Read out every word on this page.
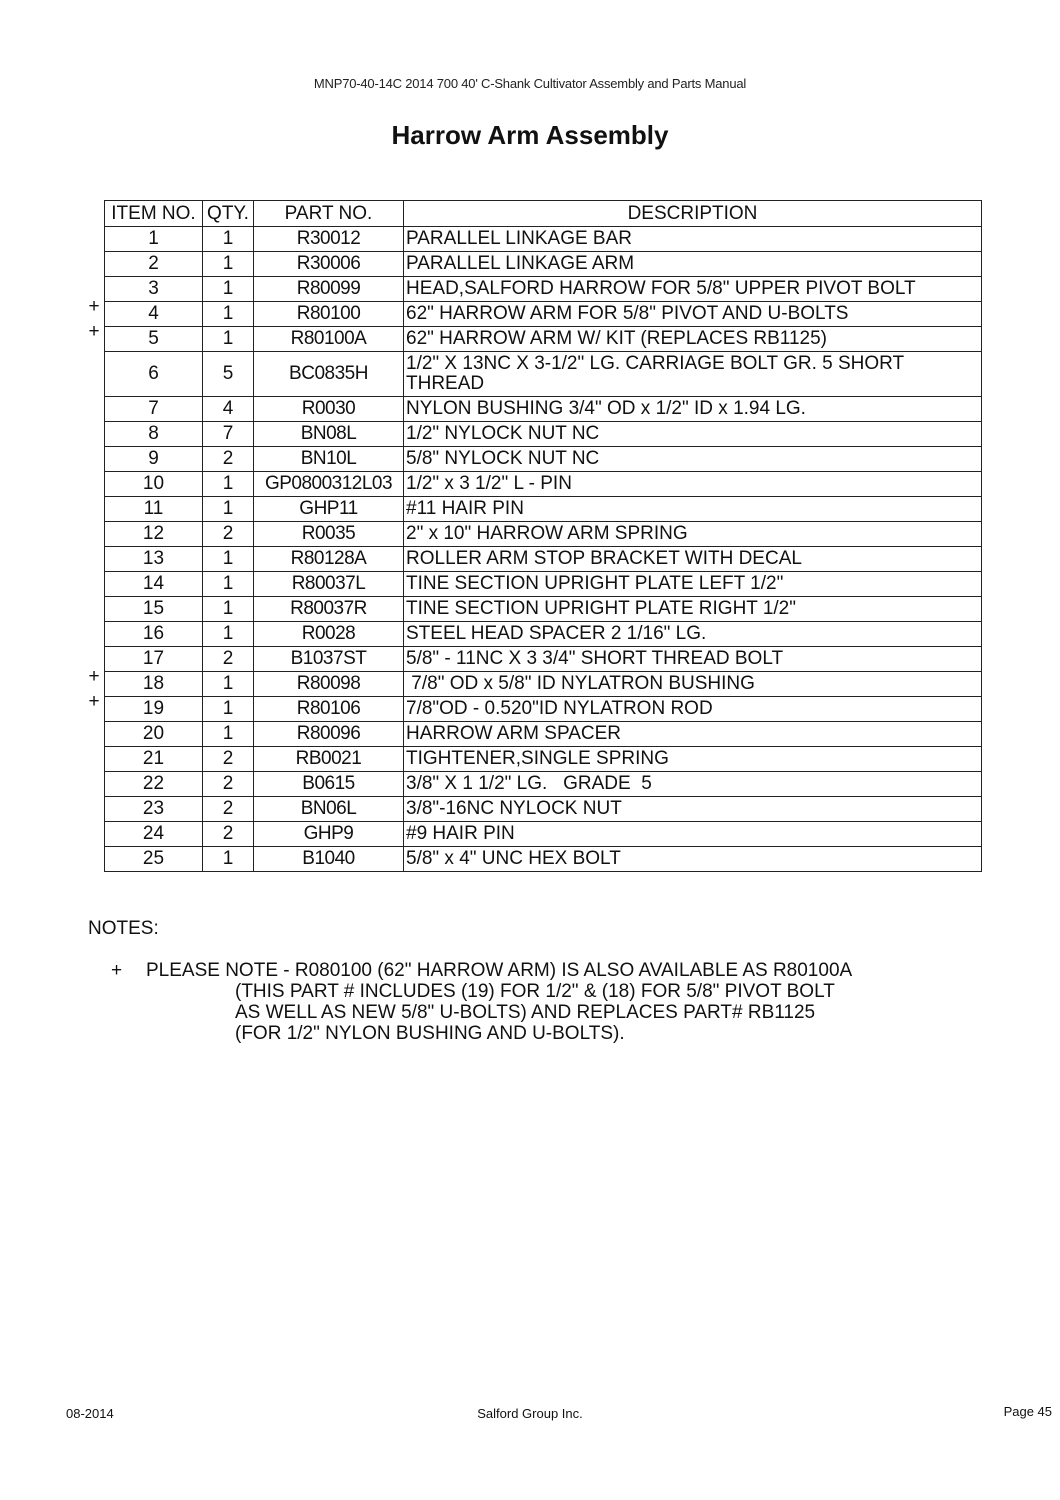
MNP70-40-14C 2014 700 40' C-Shank Cultivator Assembly and Parts Manual
Harrow Arm Assembly
+
+
+
+
ITEM NO.	QTY.	PART NO.	DESCRIPTION
1	1	R30012	PARALLEL LINKAGE BAR
2	1	R30006	PARALLEL LINKAGE ARM
3	1	R80099	HEAD,SALFORD HARROW FOR 5/8" UPPER PIVOT BOLT
4	1	R80100	62" HARROW ARM FOR 5/8" PIVOT AND U-BOLTS
5	1	R80100A	62" HARROW ARM W/ KIT (REPLACES RB1125)
6	5	BC0835H	1/2" X 13NC X 3-1/2" LG. CARRIAGE BOLT GR. 5 SHORT THREAD
7	4	R0030	NYLON BUSHING 3/4" OD x 1/2" ID x 1.94 LG.
8	7	BN08L	1/2" NYLOCK NUT NC
9	2	BN10L	5/8" NYLOCK NUT NC
10	1	GP0800312L03	1/2" x 3 1/2" L - PIN
11	1	GHP11	#11 HAIR PIN
12	2	R0035	2" x 10" HARROW ARM SPRING
13	1	R80128A	ROLLER ARM STOP BRACKET WITH DECAL
14	1	R80037L	TINE SECTION UPRIGHT PLATE LEFT 1/2"
15	1	R80037R	TINE SECTION UPRIGHT PLATE RIGHT 1/2"
16	1	R0028	STEEL HEAD SPACER 2 1/16" LG.
17	2	B1037ST	5/8" - 11NC X 3 3/4" SHORT THREAD BOLT
18	1	R80098	7/8" OD x 5/8" ID NYLATRON BUSHING
19	1	R80106	7/8"OD - 0.520"ID NYLATRON ROD
20	1	R80096	HARROW ARM SPACER
21	2	RB0021	TIGHTENER,SINGLE SPRING
22	2	B0615	3/8" X 1 1/2" LG.   GRADE  5
23	2	BN06L	3/8"-16NC NYLOCK NUT
24	2	GHP9	#9 HAIR PIN
25	1	B1040	5/8" x 4" UNC HEX BOLT
NOTES:
+ PLEASE NOTE - R080100 (62" HARROW ARM) IS ALSO AVAILABLE AS R80100A
(THIS PART # INCLUDES (19) FOR 1/2" & (18) FOR 5/8" PIVOT BOLT
AS WELL AS NEW 5/8" U-BOLTS) AND REPLACES PART# RB1125
(FOR 1/2" NYLON BUSHING AND U-BOLTS).
08-2014	Salford Group Inc.	Page 45
